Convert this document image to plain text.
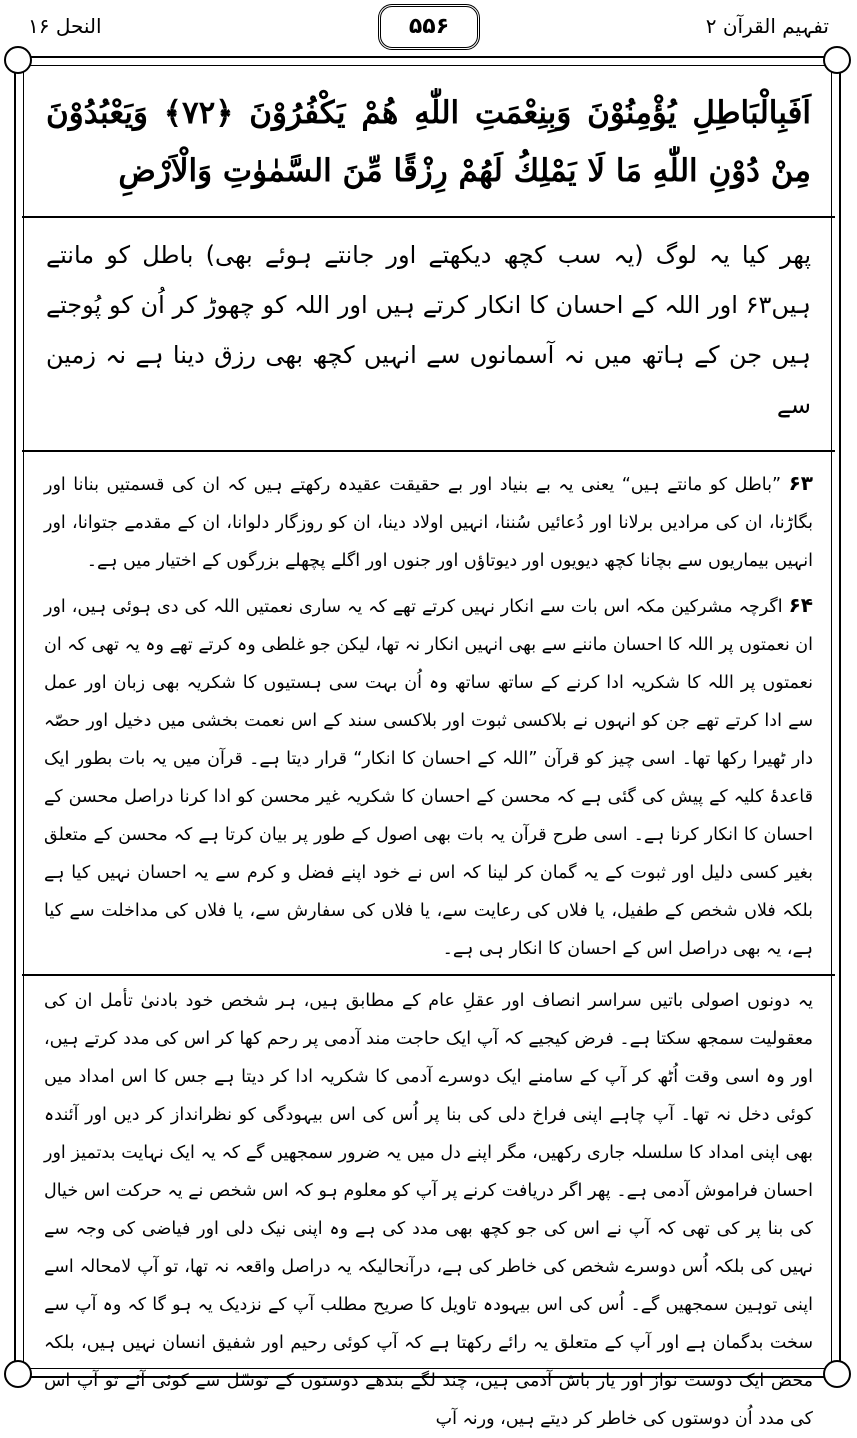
النحل ۱۶	۵۵۶	تفہیم القرآن ۲
اَفَبِالْبَاطِلِ يُؤْمِنُوْنَ وَبِنِعْمَتِ اللّٰهِ هُمْ يَكْفُرُوْنَ ﴿۷۲﴾ وَيَعْبُدُوْنَ مِنْ دُوْنِ اللّٰهِ مَا لَا يَمْلِكُ لَهُمْ رِزْقًا مِّنَ السَّمٰوٰتِ وَالْاَرْضِ
پھر کیا یہ لوگ (یہ سب کچھ دیکھتے اور جانتے ہوئے بھی) باطل کو مانتے ہیں۶۳ اور اللہ کے احسان کا انکار کرتے ہیں اور اللہ کو چھوڑ کر اُن کو پُوجتے ہیں جن کے ہاتھ میں نہ آسمانوں سے انہیں کچھ بھی رزق دینا ہے نہ زمین سے
۶۳ ”باطل کو مانتے ہیں“ یعنی یہ بے بنیاد اور بے حقیقت عقیدہ رکھتے ہیں کہ ان کی قسمتیں بنانا اور بگاڑنا، ان کی مرادیں برلانا اور دُعائیں سُننا، انہیں اولاد دینا، ان کو روزگار دلوانا، ان کے مقدمے جتوانا، اور انہیں بیماریوں سے بچانا کچھ دیویوں اور دیوتاؤں اور جنوں اور اگلے پچھلے بزرگوں کے اختیار میں ہے۔
۶۴ اگرچہ مشرکین مکہ اس بات سے انکار نہیں کرتے تھے کہ یہ ساری نعمتیں اللہ کی دی ہوئی ہیں، اور ان نعمتوں پر اللہ کا احسان ماننے سے بھی انہیں انکار نہ تھا، لیکن جو غلطی وہ کرتے تھے وہ یہ تھی کہ ان نعمتوں پر اللہ کا شکریہ ادا کرنے کے ساتھ ساتھ وہ اُن بہت سی ہستیوں کا شکریہ بھی زبان اور عمل سے ادا کرتے تھے جن کو انہوں نے بلاکسی ثبوت اور بلاکسی سند کے اس نعمت بخشی میں دخیل اور حصّہ دار ٹھیرا رکھا تھا۔ اسی چیز کو قرآن ”اللہ کے احسان کا انکار“ قرار دیتا ہے۔ قرآن میں یہ بات بطور ایک قاعدۂ کلیہ کے پیش کی گئی ہے کہ محسن کے احسان کا شکریہ غیر محسن کو ادا کرنا دراصل محسن کے احسان کا انکار کرنا ہے۔ اسی طرح قرآن یہ بات بھی اصول کے طور پر بیان کرتا ہے کہ محسن کے متعلق بغیر کسی دلیل اور ثبوت کے یہ گمان کر لینا کہ اس نے خود اپنے فضل و کرم سے یہ احسان نہیں کیا ہے بلکہ فلاں شخص کے طفیل، یا فلاں کی رعایت سے، یا فلاں کی سفارش سے، یا فلاں کی مداخلت سے کیا ہے، یہ بھی دراصل اس کے احسان کا انکار ہی ہے۔
یہ دونوں اصولی باتیں سراسر انصاف اور عقلِ عام کے مطابق ہیں، ہر شخص خود بادنیٰ تأمل ان کی معقولیت سمجھ سکتا ہے۔ فرض کیجیے کہ آپ ایک حاجت مند آدمی پر رحم کھا کر اس کی مدد کرتے ہیں، اور وہ اسی وقت اُٹھ کر آپ کے سامنے ایک دوسرے آدمی کا شکریہ ادا کر دیتا ہے جس کا اس امداد میں کوئی دخل نہ تھا۔ آپ چاہے اپنی فراخ دلی کی بنا پر اُس کی اس بیہودگی کو نظرانداز کر دیں اور آئندہ بھی اپنی امداد کا سلسلہ جاری رکھیں، مگر اپنے دل میں یہ ضرور سمجھیں گے کہ یہ ایک نہایت بدتمیز اور احسان فراموش آدمی ہے۔ پھر اگر دریافت کرنے پر آپ کو معلوم ہو کہ اس شخص نے یہ حرکت اس خیال کی بنا پر کی تھی کہ آپ نے اس کی جو کچھ بھی مدد کی ہے وہ اپنی نیک دلی اور فیاضی کی وجہ سے نہیں کی بلکہ اُس دوسرے شخص کی خاطر کی ہے، درآنحالیکہ یہ دراصل واقعہ نہ تھا، تو آپ لامحالہ اسے اپنی توہین سمجھیں گے۔ اُس کی اس بیہودہ تاویل کا صریح مطلب آپ کے نزدیک یہ ہو گا کہ وہ آپ سے سخت بدگمان ہے اور آپ کے متعلق یہ رائے رکھتا ہے کہ آپ کوئی رحیم اور شفیق انسان نہیں ہیں، بلکہ محض ایک دوست نواز اور یار باش آدمی ہیں، چند لگے بندھے دوستوں کے توسّل سے کوئی آئے تو آپ اس کی مدد اُن دوستوں کی خاطر کر دیتے ہیں، ورنہ آپ
